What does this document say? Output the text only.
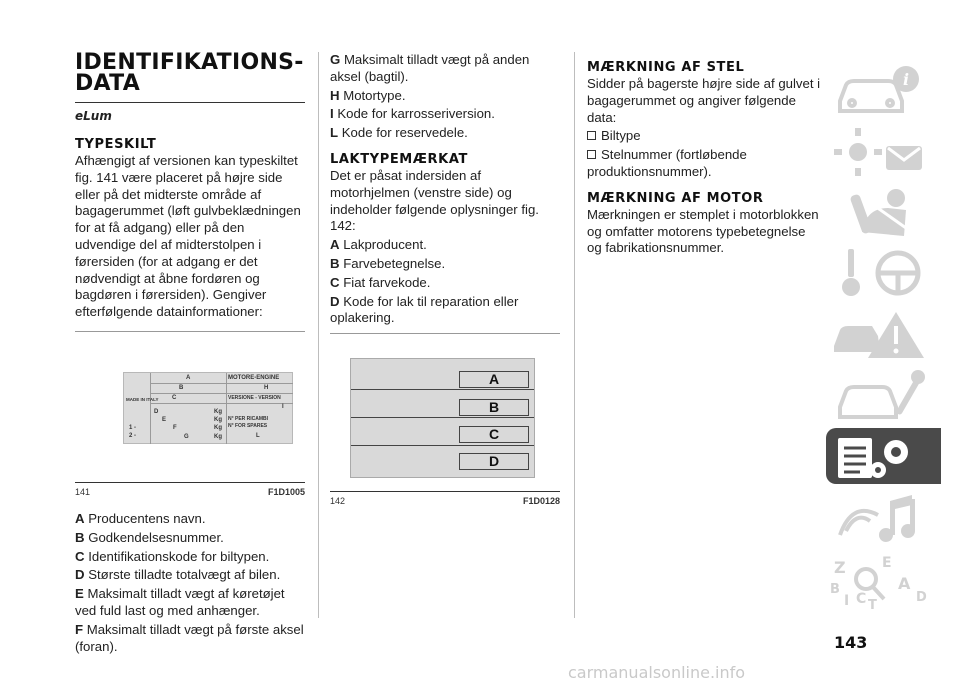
IDENTIFIKATIONS-DATA
eLum
TYPESKILT

Afhængigt af versionen kan typeskiltet fig. 141 være placeret på højre side eller på det midterste område af bagagerummet (løft gulvbeklædningen for at få adgang) eller på den udvendige del af midterstolpen i førersiden (for at adgang er det nødvendigt at åbne fordøren og bagdøren i førersiden). Gengiver efterfølgende datainformationer:

MADE IN ITALY
A
B
C
MOTORE-ENGINE
H
VERSIONE - VERSION
I
N° PER RICAMBI
N° FOR SPARES
L
D
E
F
G
1 -
2 -
Kg
Kg
Kg
Kg
141	F1D1005
A Producentens navn.
B Godkendelsesnummer.
C Identifikationskode for biltypen.
D Største tilladte totalvægt af bilen.
E Maksimalt tilladt vægt af køretøjet ved fuld last og med anhænger.
F Maksimalt tilladt vægt på første aksel (foran).
G Maksimalt tilladt vægt på anden aksel (bagtil).
H Motortype.
I Kode for karrosseriversion.
L Kode for reservedele.
LAKTYPEMÆRKAT

Det er påsat indersiden af motorhjelmen (venstre side) og indeholder følgende oplysninger fig. 142:

A Lakproducent.
B Farvebetegnelse.
C Fiat farvekode.
D Kode for lak til reparation eller oplakering.
A
B
C
D
142	F1D0128
MÆRKNING AF STEL

Sidder på bagerste højre side af gulvet i bagagerummet og angiver følgende data:

Biltype
Stelnummer (fortløbende produktionsnummer).
MÆRKNING AF MOTOR

Mærkningen er stemplet i motorblokken og omfatter motorens typebetegnelse og fabrikationsnummer.

i
Z	E
A
B
I C T
D
143
carmanualsonline.info
